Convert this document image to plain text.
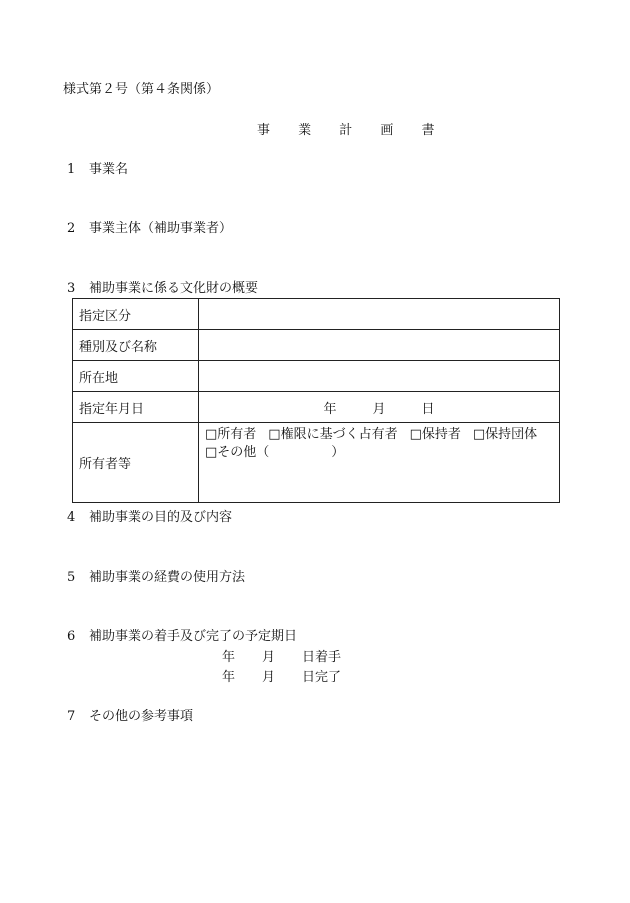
様式第２号（第４条関係）
事 業 計 画 書
1 事業名
2 事業主体（補助事業者）
3 補助事業に係る文化財の概要
指定区分	
種別及び名称	
所在地	
指定年月日	年 月 日
所有者等	□所有者 □権限に基づく占有者 □保持者 □保持団体
□その他（ ）
4 補助事業の目的及び内容
5 補助事業の経費の使用方法
6 補助事業の着手及び完了の予定期日
年 月 日着手
年 月 日完了
7 その他の参考事項
